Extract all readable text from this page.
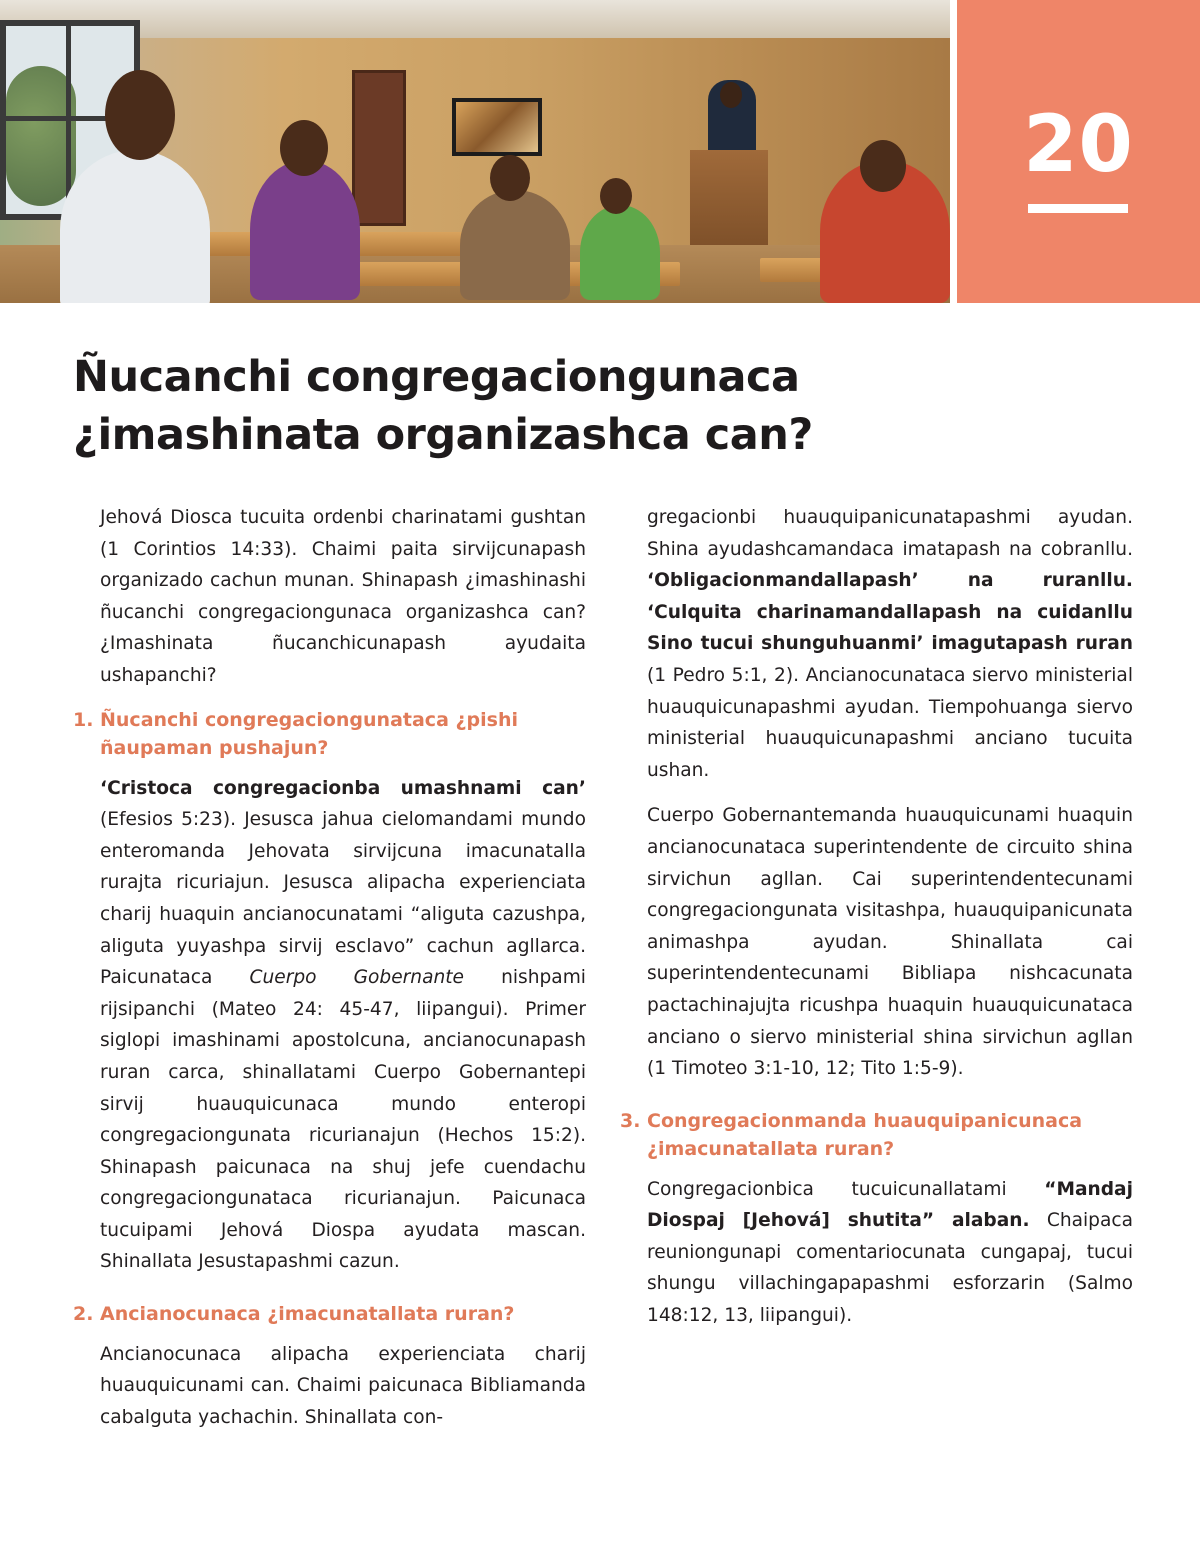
20
Ñucanchi congregaciongunaca
¿imashinata organizashca can?

Jehová Diosca tucuita ordenbi charinatami gushtan (1 Corintios 14:33). Chaimi paita sirvijcunapash organizado cachun munan. Shinapash ¿imashinashi ñucanchi congregaciongunaca organizashca can? ¿Imashinata ñucanchicunapash ayudaita ushapanchi?

1. Ñucanchi congregaciongunataca ¿pishi ñaupaman pushajun?

‘Cristoca congregacionba umashnami can’ (Efesios 5:23). Jesusca jahua cielomandami mundo enteromanda Jehovata sirvijcuna imacunatalla rurajta ricuriajun. Jesusca alipacha experienciata charij huaquin ancianocunatami “aliguta cazushpa, aliguta yuyashpa sirvij esclavo” cachun agllarca. Paicunataca Cuerpo Gobernante nishpami rijsipanchi (Mateo 24: 45-47, liipangui). Primer siglopi imashinami apostolcuna, ancianocunapash ruran carca, shinallatami Cuerpo Gobernantepi sirvij huauquicunaca mundo enteropi congregaciongunata ricurianajun (Hechos 15:2). Shinapash paicunaca na shuj jefe cuendachu congregaciongunataca ricurianajun. Paicunaca tucuipami Jehová Diospa ayudata mascan. Shinallata Jesustapashmi cazun.

2. Ancianocunaca ¿imacunatallata ruran?

Ancianocunaca alipacha experienciata charij huauquicunami can. Chaimi paicunaca Bibliamanda cabalguta yachachin. Shinallata con-

gregacionbi huauquipanicunatapashmi ayudan. Shina ayudashcamandaca imatapash na cobranllu. ‘Obligacionmandallapash’ na ruranllu. ‘Culquita charinamandallapash na cuidanllu Sino tucui shunguhuanmi’ imagutapash ruran (1 Pedro 5:1, 2). Ancianocunataca siervo ministerial huauquicunapashmi ayudan. Tiempohuanga siervo ministerial huauquicunapashmi anciano tucuita ushan.

Cuerpo Gobernantemanda huauquicunami huaquin ancianocunataca superintendente de circuito shina sirvichun agllan. Cai superintendentecunami congregaciongunata visitashpa, huauquipanicunata animashpa ayudan. Shinallata cai superintendentecunami Bibliapa nishcacunata pactachinajujta ricushpa huaquin huauquicunataca anciano o siervo ministerial shina sirvichun agllan (1 Timoteo 3:1-10, 12; Tito 1:5-9).

3. Congregacionmanda huauquipanicunaca ¿imacunatallata ruran?

Congregacionbica tucuicunallatami “Mandaj Diospaj [Jehová] shutita” alaban. Chaipaca reuniongunapi comentariocunata cungapaj, tucui shungu villachingapapashmi esforzarin (Salmo 148:12, 13, liipangui).
